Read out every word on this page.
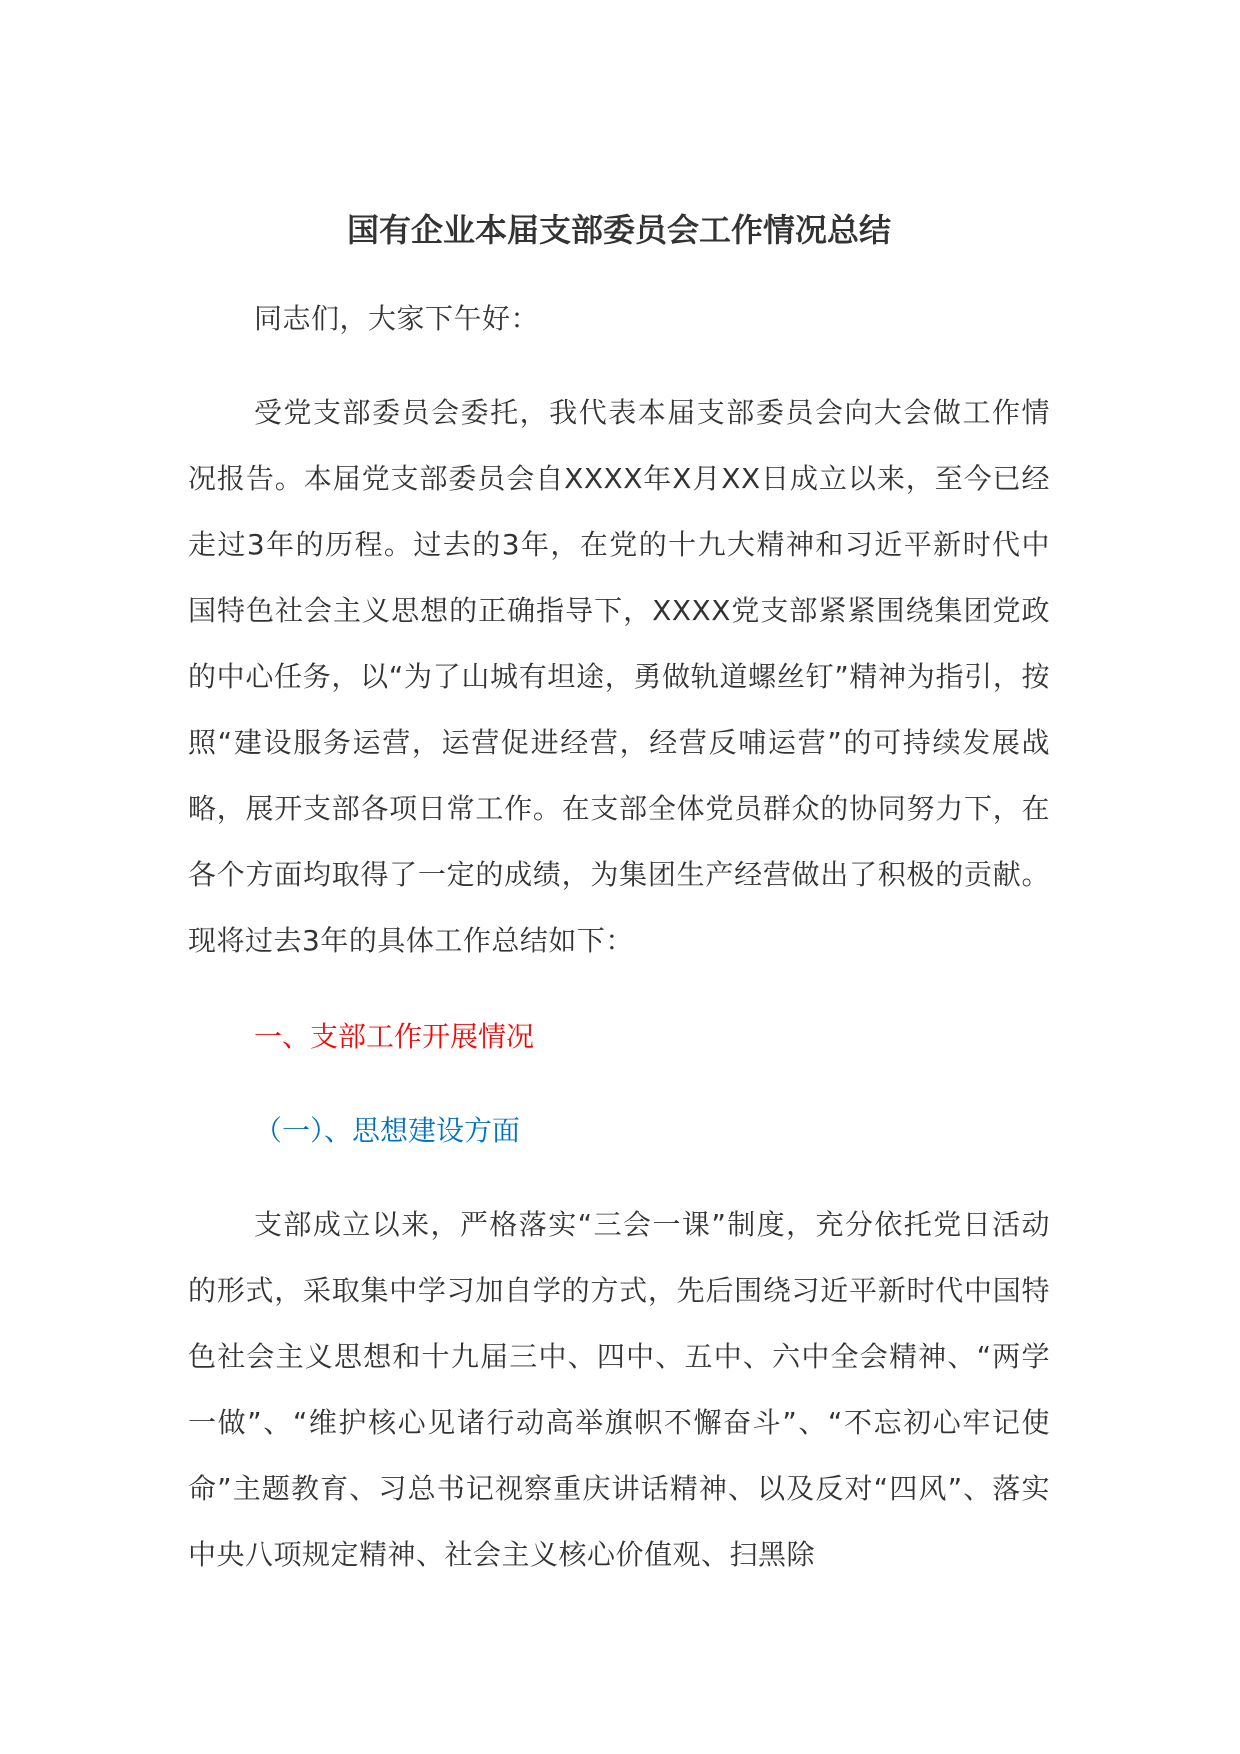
国有企业本届支部委员会工作情况总结

同志们，大家下午好：

受党支部委员会委托，我代表本届支部委员会向大会做工作情况报告。本届党支部委员会自XXXX年X月XX日成立以来，至今已经走过3年的历程。过去的3年，在党的十九大精神和习近平新时代中国特色社会主义思想的正确指导下，XXXX党支部紧紧围绕集团党政的中心任务，以“为了山城有坦途，勇做轨道螺丝钉”精神为指引，按照“建设服务运营，运营促进经营，经营反哺运营”的可持续发展战略，展开支部各项日常工作。在支部全体党员群众的协同努力下，在各个方面均取得了一定的成绩，为集团生产经营做出了积极的贡献。现将过去3年的具体工作总结如下：

一、支部工作开展情况

（一）、思想建设方面

支部成立以来，严格落实“三会一课”制度，充分依托党日活动的形式，采取集中学习加自学的方式，先后围绕习近平新时代中国特色社会主义思想和十九届三中、四中、五中、六中全会精神、“两学一做”、“维护核心见诸行动高举旗帜不懈奋斗”、“不忘初心牢记使命”主题教育、习总书记视察重庆讲话精神、以及反对“四风”、落实中央八项规定精神、社会主义核心价值观、扫黑除
